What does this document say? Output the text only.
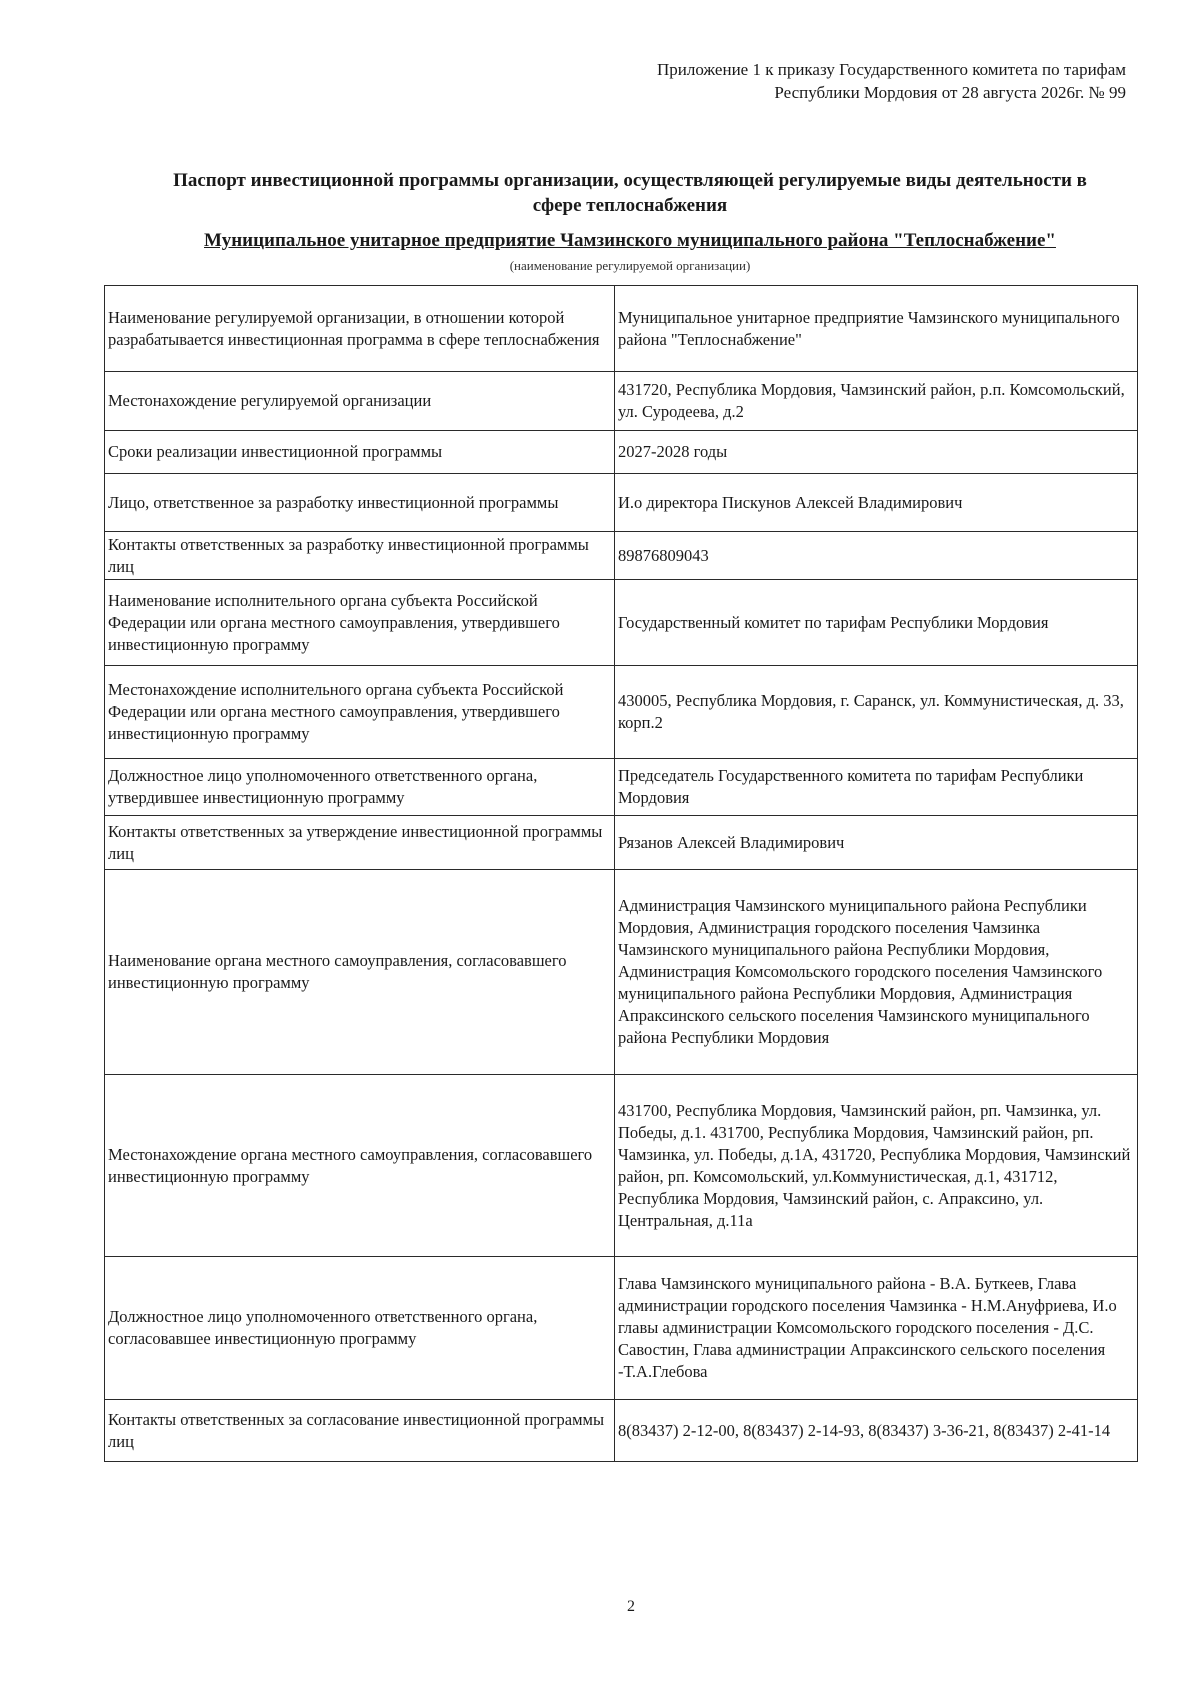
Приложение 1 к приказу Государственного комитета по тарифам
Республики Мордовия от 28 августа 2026г. № 99
Паспорт инвестиционной программы организации, осуществляющей регулируемые виды деятельности в
сфере теплоснабжения
Муниципальное унитарное предприятие Чамзинского муниципального района "Теплоснабжение"
(наименование регулируемой организации)
Наименование регулируемой организации, в отношении которой разрабатывается инвестиционная программа в сфере теплоснабжения	Муниципальное унитарное предприятие Чамзинского муниципального района "Теплоснабжение"
Местонахождение регулируемой организации	431720, Республика Мордовия, Чамзинский район, р.п. Комсомольский, ул. Суродеева, д.2
Сроки реализации инвестиционной программы	2027-2028 годы
Лицо, ответственное за разработку инвестиционной программы	И.о директора Пискунов Алексей Владимирович
Контакты ответственных за разработку инвестиционной программы лиц	89876809043
Наименование исполнительного органа субъекта Российской Федерации или органа местного самоуправления, утвердившего инвестиционную программу	Государственный комитет по тарифам Республики Мордовия
Местонахождение исполнительного органа субъекта Российской Федерации или органа местного самоуправления, утвердившего инвестиционную программу	430005, Республика Мордовия, г. Саранск, ул. Коммунистическая, д. 33, корп.2
Должностное лицо уполномоченного ответственного органа, утвердившее инвестиционную программу	Председатель Государственного комитета по тарифам Республики Мордовия
Контакты ответственных за утверждение инвестиционной программы лиц	Рязанов Алексей Владимирович
Наименование органа местного самоуправления, согласовавшего инвестиционную программу	Администрация Чамзинского муниципального района Республики Мордовия, Администрация городского поселения Чамзинка Чамзинского муниципального района Республики Мордовия, Администрация Комсомольского городского поселения Чамзинского муниципального района Республики Мордовия, Администрация Апраксинского сельского поселения Чамзинского муниципального района Республики Мордовия
Местонахождение органа местного самоуправления, согласовавшего инвестиционную программу	431700, Республика Мордовия, Чамзинский район, рп. Чамзинка, ул. Победы, д.1. 431700, Республика Мордовия, Чамзинский район, рп. Чамзинка, ул. Победы, д.1А, 431720, Республика Мордовия, Чамзинский район, рп. Комсомольский, ул.Коммунистическая, д.1, 431712, Республика Мордовия, Чамзинский район, с. Апраксино, ул. Центральная, д.11а
Должностное лицо уполномоченного ответственного органа, согласовавшее инвестиционную программу	Глава Чамзинского муниципального района - В.А. Буткеев, Глава администрации городского поселения Чамзинка - Н.М.Ануфриева, И.о главы администрации Комсомольского городского поселения - Д.С. Савостин, Глава администрации Апраксинского сельского поселения -Т.А.Глебова
Контакты ответственных за согласование инвестиционной программы лиц	8(83437) 2-12-00, 8(83437) 2-14-93, 8(83437) 3-36-21, 8(83437) 2-41-14
2
